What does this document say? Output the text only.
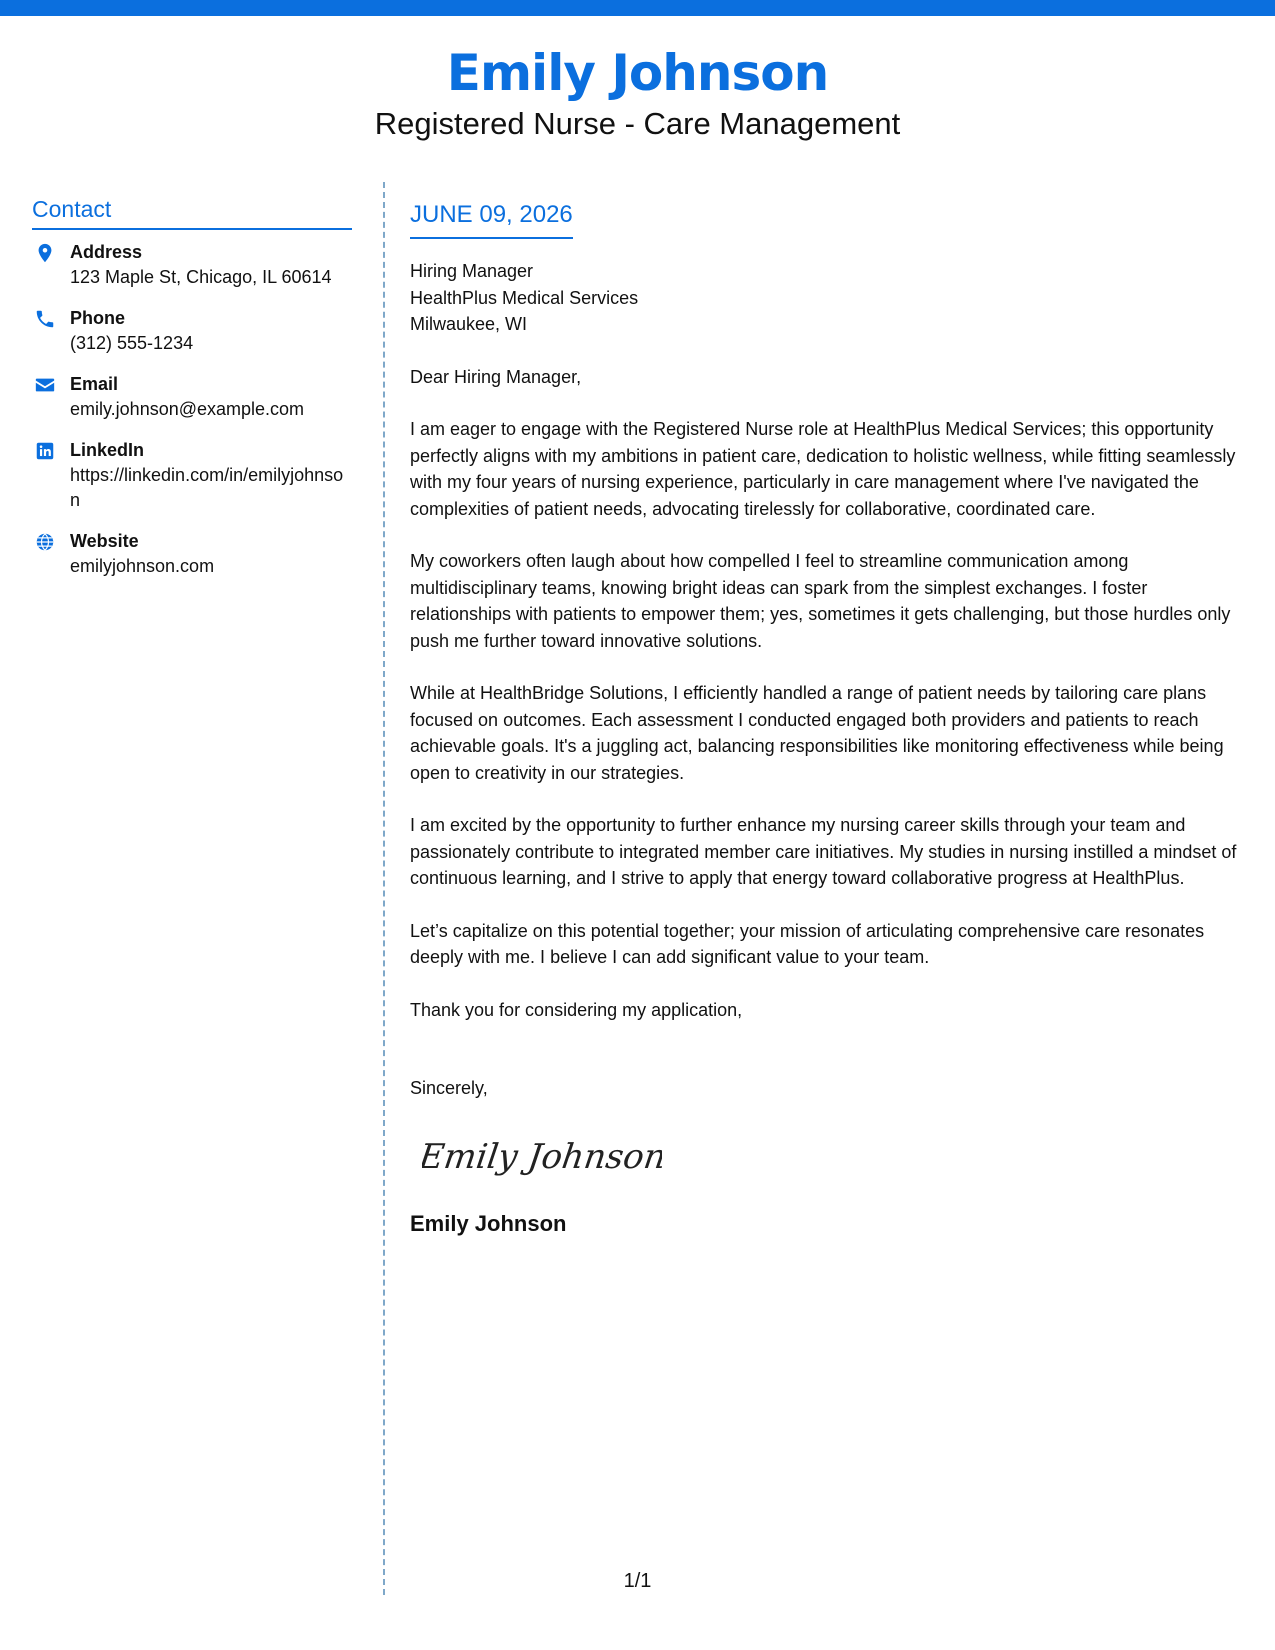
Emily Johnson
Registered Nurse - Care Management
Contact
Address
123 Maple St, Chicago, IL 60614
Phone
(312) 555-1234
Email
emily.johnson@example.com
LinkedIn
https://linkedin.com/in/emilyjohnson
Website
emilyjohnson.com
JUNE 09, 2026
Hiring Manager
HealthPlus Medical Services
Milwaukee, WI
Dear Hiring Manager,

I am eager to engage with the Registered Nurse role at HealthPlus Medical Services; this opportunity perfectly aligns with my ambitions in patient care, dedication to holistic wellness, while fitting seamlessly with my four years of nursing experience, particularly in care management where I've navigated the complexities of patient needs, advocating tirelessly for collaborative, coordinated care.

My coworkers often laugh about how compelled I feel to streamline communication among multidisciplinary teams, knowing bright ideas can spark from the simplest exchanges. I foster relationships with patients to empower them; yes, sometimes it gets challenging, but those hurdles only push me further toward innovative solutions.

While at HealthBridge Solutions, I efficiently handled a range of patient needs by tailoring care plans focused on outcomes. Each assessment I conducted engaged both providers and patients to reach achievable goals. It's a juggling act, balancing responsibilities like monitoring effectiveness while being open to creativity in our strategies.

I am excited by the opportunity to further enhance my nursing career skills through your team and passionately contribute to integrated member care initiatives. My studies in nursing instilled a mindset of continuous learning, and I strive to apply that energy toward collaborative progress at HealthPlus.

Let’s capitalize on this potential together; your mission of articulating comprehensive care resonates deeply with me. I believe I can add significant value to your team.

Thank you for considering my application,
Sincerely,
Emily Johnson
Emily Johnson
1/1
